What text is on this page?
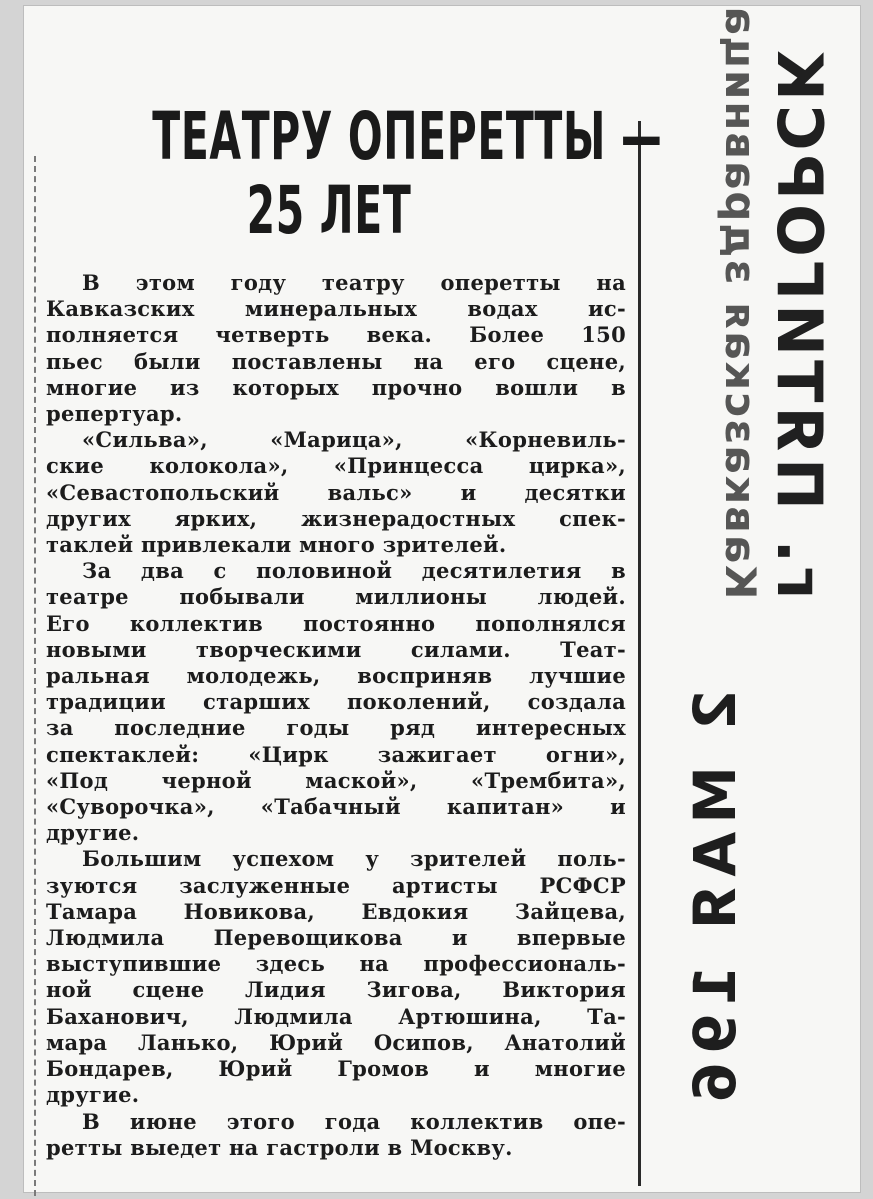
ТЕАТРУ ОПЕРЕТТЫ —
25 ЛЕТ

В этом году театру оперетты на
Кавказских минеральных водах ис-
полняется четверть века. Более 150
пьес были поставлены на его сцене,
многие из которых прочно вошли в
репертуар.

«Сильва», «Марица», «Корневиль-
ские колокола», «Принцесса цирка»,
«Севастопольский вальс» и десятки
других ярких, жизнерадостных спек-
таклей привлекали много зрителей.

За два с половиной десятилетия в
театре побывали миллионы людей.
Его коллектив постоянно пополнялся
новыми творческими силами. Теат-
ральная молодежь, восприняв лучшие
традиции старших поколений, создала
за последние годы ряд интересных
спектаклей: «Цирк зажигает огни»,
«Под черной маской», «Трембита»,
«Суворочка», «Табачный капитан» и
другие.

Большим успехом у зрителей поль-
зуются заслуженные артисты РСФСР
Тамара Новикова, Евдокия Зайцева,
Людмила Перевощикова и впервые
выступившие здесь на профессиональ-
ной сцене Лидия Зигова, Виктория
Баханович, Людмила Артюшина, Та-
мара Ланько, Юрий Осипов, Анатолий
Бондарев, Юрий Громов и многие
другие.

В июне этого года коллектив опе-
ретты выедет на гастроли в Москву.

г. ПЯТИГОРСК
Кавказская здравница
2МАЯ196
